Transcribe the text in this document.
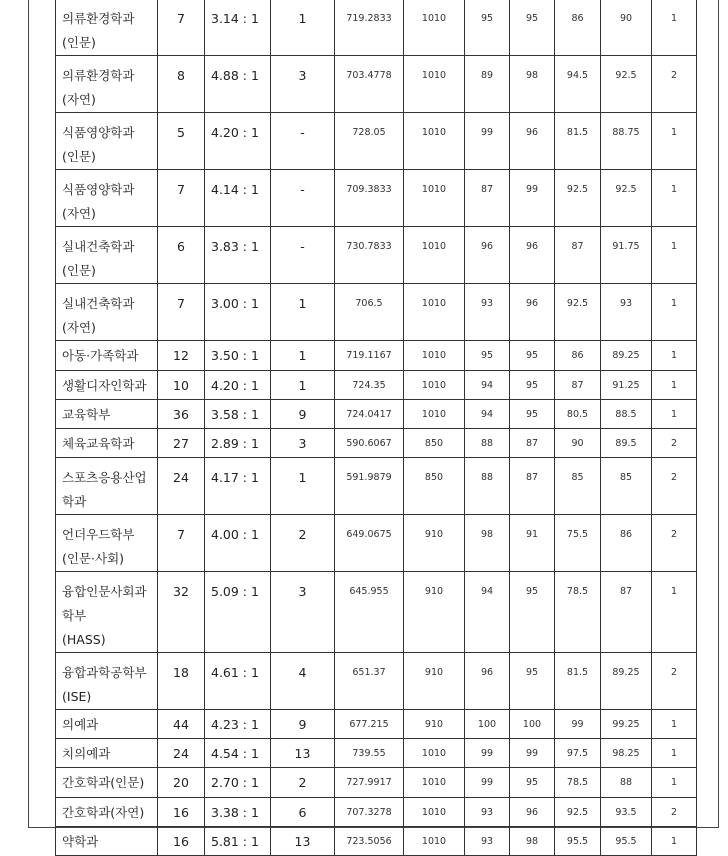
의류환경학과
(인문)	7	3.14 : 1	1	719.2833	1010	95	95	86	90	1

의류환경학과
(자연)	8	4.88 : 1	3	703.4778	1010	89	98	94.5	92.5	2

식품영양학과
(인문)	5	4.20 : 1	-	728.05	1010	99	96	81.5	88.75	1

식품영양학과
(자연)	7	4.14 : 1	-	709.3833	1010	87	99	92.5	92.5	1

실내건축학과
(인문)	6	3.83 : 1	-	730.7833	1010	96	96	87	91.75	1

실내건축학과
(자연)	7	3.00 : 1	1	706.5	1010	93	96	92.5	93	1

아동·가족학과	12	3.50 : 1	1	719.1167	1010	95	95	86	89.25	1

생활디자인학과	10	4.20 : 1	1	724.35	1010	94	95	87	91.25	1

교육학부	36	3.58 : 1	9	724.0417	1010	94	95	80.5	88.5	1

체육교육학과	27	2.89 : 1	3	590.6067	850	88	87	90	89.5	2

스포츠응용산업
학과	24	4.17 : 1	1	591.9879	850	88	87	85	85	2

언더우드학부
(인문·사회)	7	4.00 : 1	2	649.0675	910	98	91	75.5	86	2

융합인문사회과
학부
(HASS)	32	5.09 : 1	3	645.955	910	94	95	78.5	87	1

융합과학공학부
(ISE)	18	4.61 : 1	4	651.37	910	96	95	81.5	89.25	2

의예과	44	4.23 : 1	9	677.215	910	100	100	99	99.25	1

치의예과	24	4.54 : 1	13	739.55	1010	99	99	97.5	98.25	1

간호학과(인문)	20	2.70 : 1	2	727.9917	1010	99	95	78.5	88	1

간호학과(자연)	16	3.38 : 1	6	707.3278	1010	93	96	92.5	93.5	2

약학과	16	5.81 : 1	13	723.5056	1010	93	98	95.5	95.5	1
